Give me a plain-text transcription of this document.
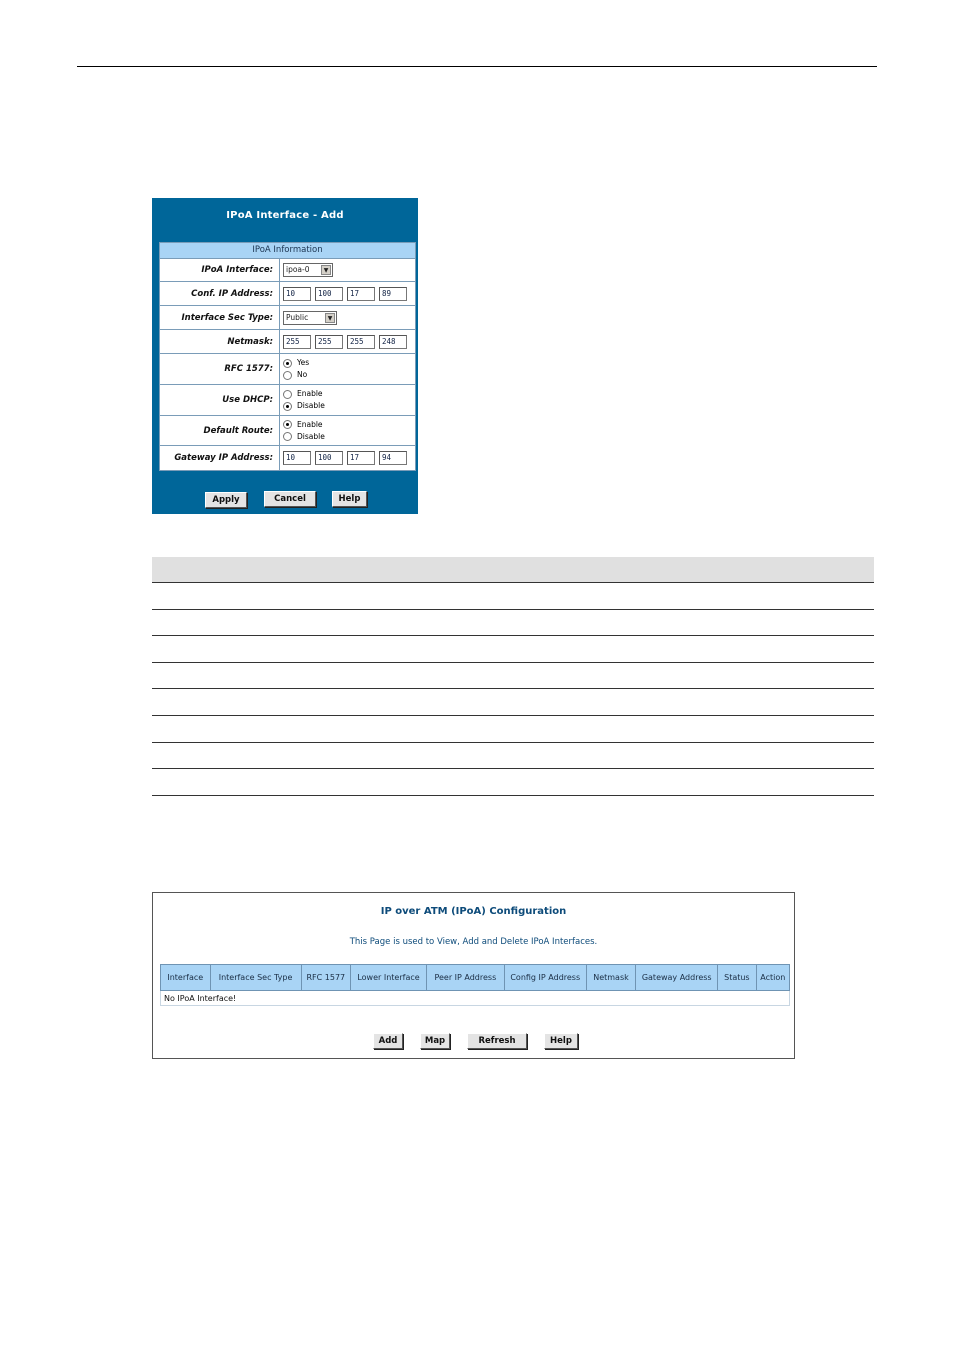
IPoA Interface - Add
IPoA Information
IPoA Interface:	ipoa-0	▼
Conf. IP Address:	10	100	17	89
Interface Sec Type:	Public	▼
Netmask:	255	255	255	248
RFC 1577:
Yes
No
Use DHCP:
Enable
Disable
Default Route:
Enable
Disable
Gateway IP Address:	10	100	17	94
Apply	Cancel	Help
IP over ATM (IPoA) Configuration
This Page is used to View, Add and Delete IPoA Interfaces.
Interface	Interface Sec Type	RFC 1577	Lower Interface	Peer IP Address	Config IP Address	Netmask	Gateway Address	Status	Action
No IPoA Interface!
Add	Map	Refresh	Help
